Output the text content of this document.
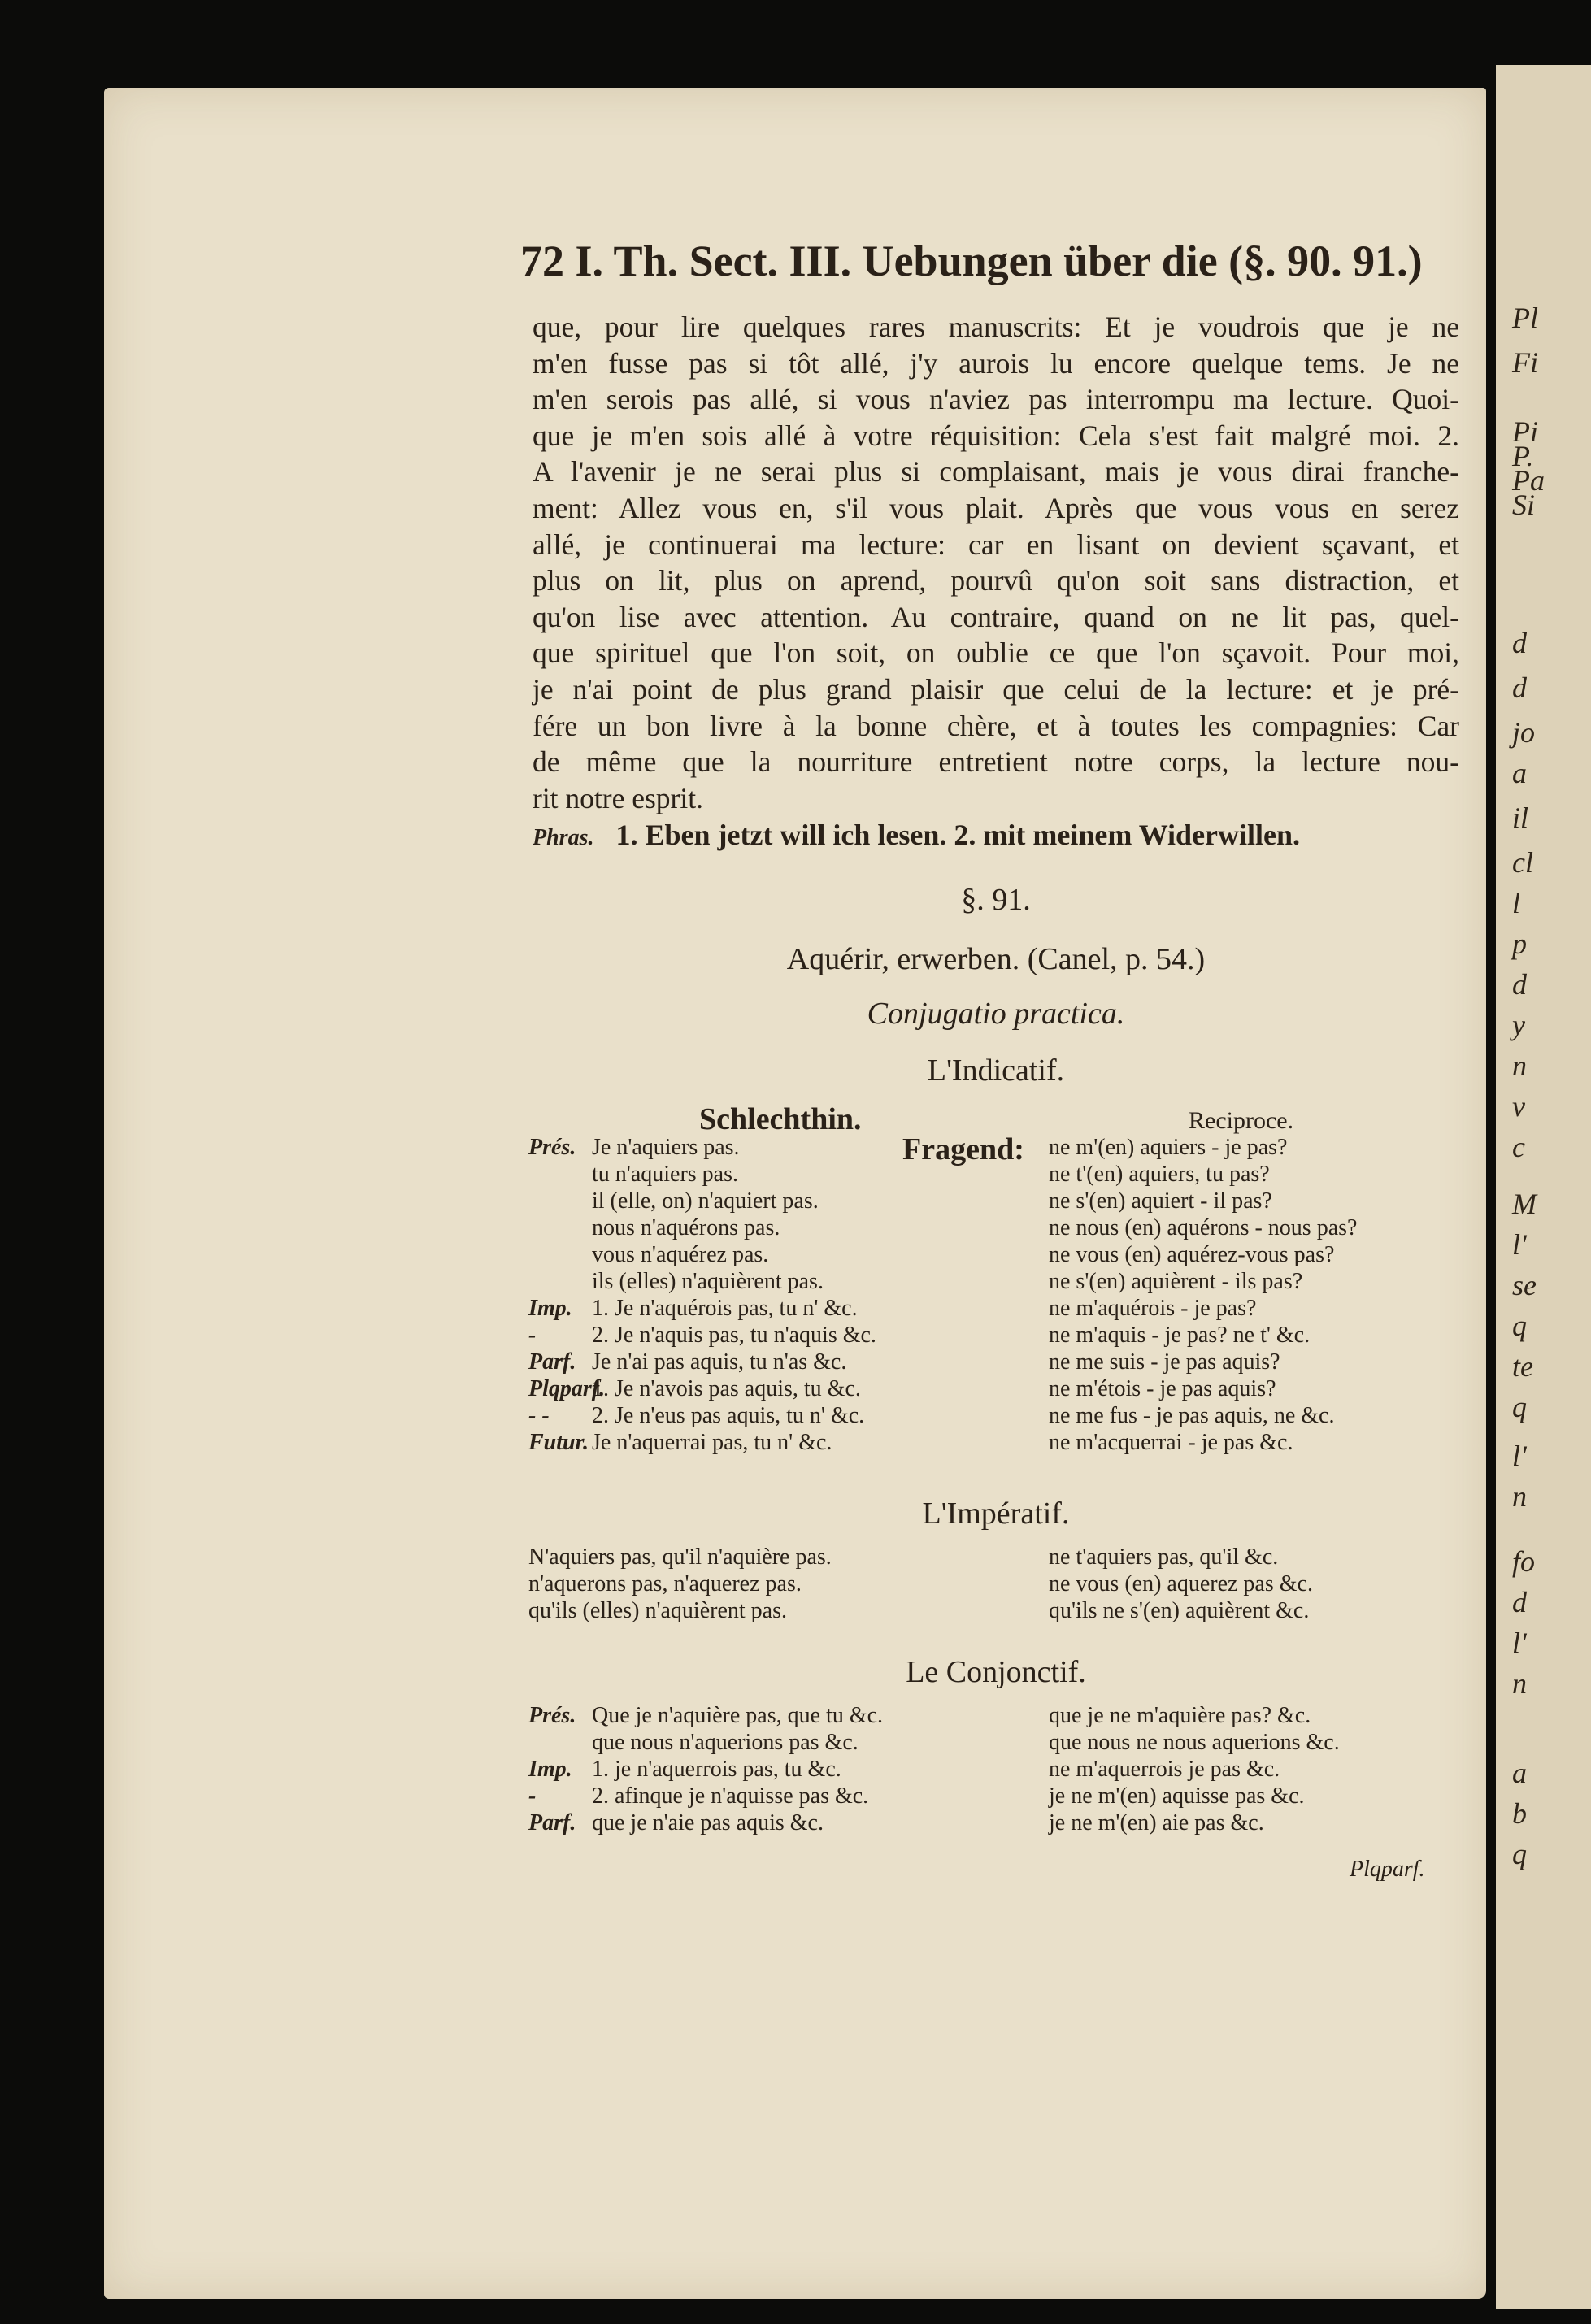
Pl
Fi
Pi
P.
Pa
Si
d
d
jo
a
il
cl
l
p
d
y
n
v
c
M
l'
se
q
te
q
l'
n
fo
d
l'
n
a
b
q
72 I. Th. Sect. III. Uebungen über die (§. 90. 91.)
que, pour lire quelques rares manuscrits: Et je voudrois que je ne
m'en fusse pas si tôt allé, j'y aurois lu encore quelque tems. Je ne
m'en serois pas allé, si vous n'aviez pas interrompu ma lecture. Quoi-
que je m'en sois allé à votre réquisition: Cela s'est fait malgré moi. 2.
A l'avenir je ne serai plus si complaisant, mais je vous dirai franche-
ment: Allez vous en, s'il vous plait. Après que vous vous en serez
allé, je continuerai ma lecture: car en lisant on devient sçavant, et
plus on lit, plus on aprend, pourvû qu'on soit sans distraction, et
qu'on lise avec attention. Au contraire, quand on ne lit pas, quel-
que spirituel que l'on soit, on oublie ce que l'on sçavoit. Pour moi,
je n'ai point de plus grand plaisir que celui de la lecture: et je pré-
fére un bon livre à la bonne chère, et à toutes les compagnies: Car
de même que la nourriture entretient notre corps, la lecture nou-
rit notre esprit.
Phras. 1. Eben jetzt will ich lesen. 2. mit meinem Widerwillen.
§. 91.
Aquérir, erwerben. (Canel, p. 54.)
Conjugatio practica.
L'Indicatif.
Schlechthin.
Fragend:
Reciproce.
Prés. Je n'aquiers pas.	ne m'(en) aquiers - je pas?
tu n'aquiers pas.	ne t'(en) aquiers, tu pas?
il (elle, on) n'aquiert pas.	ne s'(en) aquiert - il pas?
nous n'aquérons pas.	ne nous (en) aquérons - nous pas?
vous n'aquérez pas.	ne vous (en) aquérez-vous pas?
ils (elles) n'aquièrent pas.	ne s'(en) aquièrent - ils pas?
Imp. 1. Je n'aquérois pas, tu n' &c.	ne m'aquérois - je pas?
- 2. Je n'aquis pas, tu n'aquis &c.	ne m'aquis - je pas? ne t' &c.
Parf. Je n'ai pas aquis, tu n'as &c.	ne me suis - je pas aquis?
Plqparf.1. Je n'avois pas aquis, tu &c.	ne m'étois - je pas aquis?
- - 2. Je n'eus pas aquis, tu n' &c.	ne me fus - je pas aquis, ne &c.
Futur. Je n'aquerrai pas, tu n' &c.	ne m'acquerrai - je pas &c.
L'Impératif.
N'aquiers pas, qu'il n'aquière pas.	ne t'aquiers pas, qu'il &c.
n'aquerons pas, n'aquerez pas.	ne vous (en) aquerez pas &c.
qu'ils (elles) n'aquièrent pas.	qu'ils ne s'(en) aquièrent &c.
Le Conjonctif.
Prés. Que je n'aquière pas, que tu &c.	que je ne m'aquière pas? &c.
que nous n'aquerions pas &c.	que nous ne nous aquerions &c.
Imp. 1. je n'aquerrois pas, tu &c.	ne m'aquerrois je pas &c.
- 2. afinque je n'aquisse pas &c.	je ne m'(en) aquisse pas &c.
Parf. que je n'aie pas aquis &c.	je ne m'(en) aie pas &c.
Plqparf.
